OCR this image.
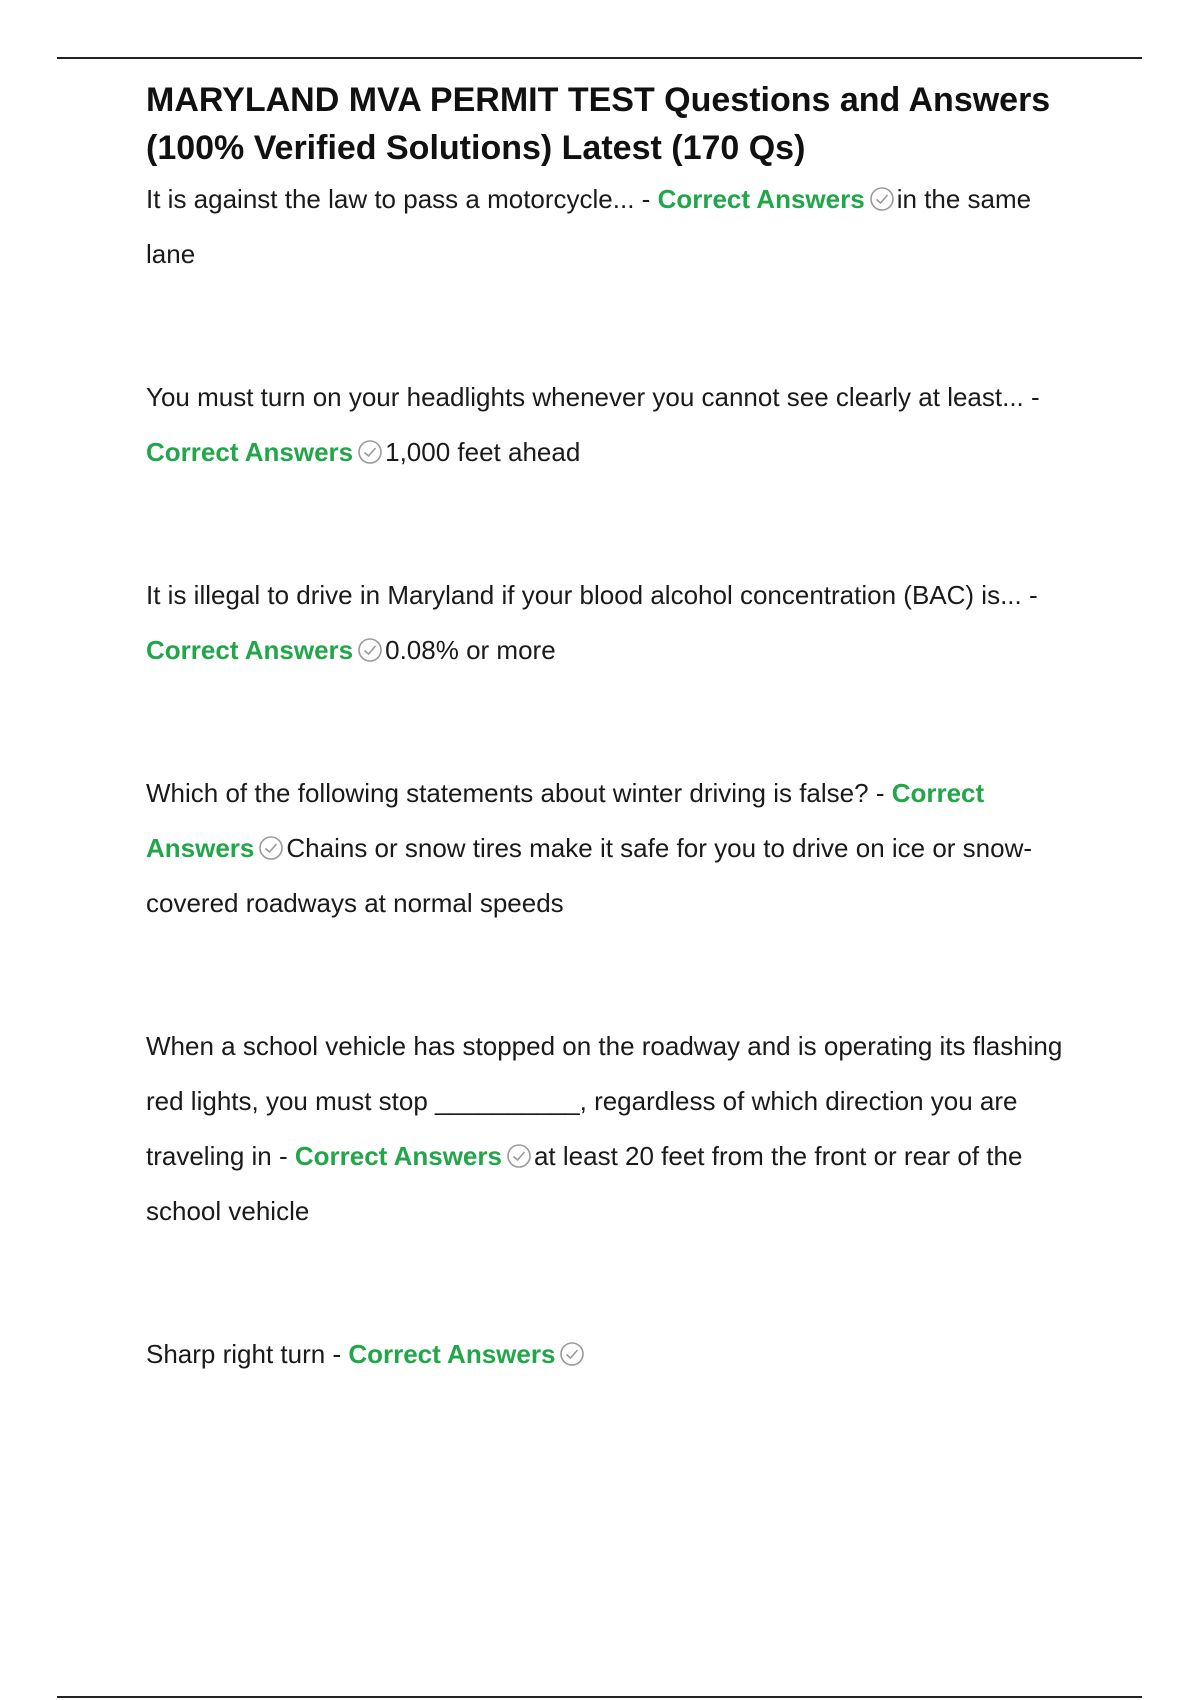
MARYLAND MVA PERMIT TEST Questions and Answers (100% Verified Solutions) Latest (170 Qs)

It is against the law to pass a motorcycle... - Correct Answers in the same lane

You must turn on your headlights whenever you cannot see clearly at least... - Correct Answers 1,000 feet ahead

It is illegal to drive in Maryland if your blood alcohol concentration (BAC) is... - Correct Answers 0.08% or more

Which of the following statements about winter driving is false? - Correct Answers Chains or snow tires make it safe for you to drive on ice or snow-covered roadways at normal speeds

When a school vehicle has stopped on the roadway and is operating its flashing red lights, you must stop __________, regardless of which direction you are traveling in - Correct Answers at least 20 feet from the front or rear of the school vehicle

Sharp right turn - Correct Answers
